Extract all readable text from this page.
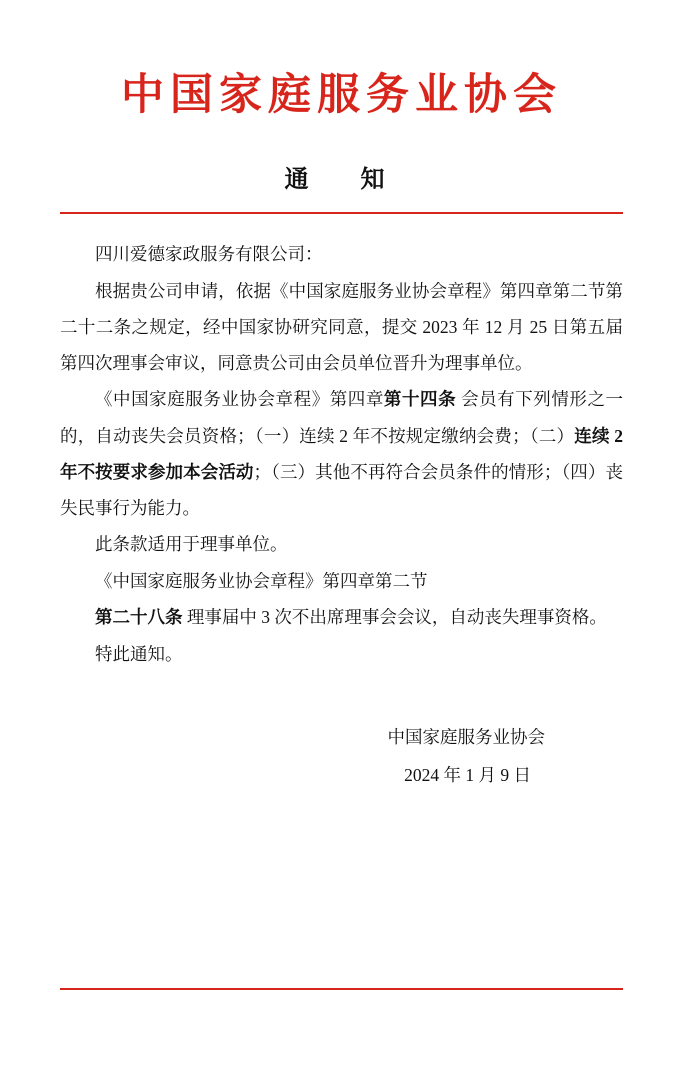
中国家庭服务业协会
通　知

四川爱德家政服务有限公司：

根据贵公司申请，依据《中国家庭服务业协会章程》第四章第二节第二十二条之规定，经中国家协研究同意，提交 2023 年 12 月 25 日第五届第四次理事会审议，同意贵公司由会员单位晋升为理事单位。

《中国家庭服务业协会章程》第四章第十四条 会员有下列情形之一的，自动丧失会员资格；（一）连续 2 年不按规定缴纳会费；（二）连续 2 年不按要求参加本会活动；（三）其他不再符合会员条件的情形；（四）丧失民事行为能力。

此条款适用于理事单位。

《中国家庭服务业协会章程》第四章第二节

第二十八条 理事届中 3 次不出席理事会会议，自动丧失理事资格。

特此通知。

中国家庭服务业协会
2024 年 1 月 9 日
